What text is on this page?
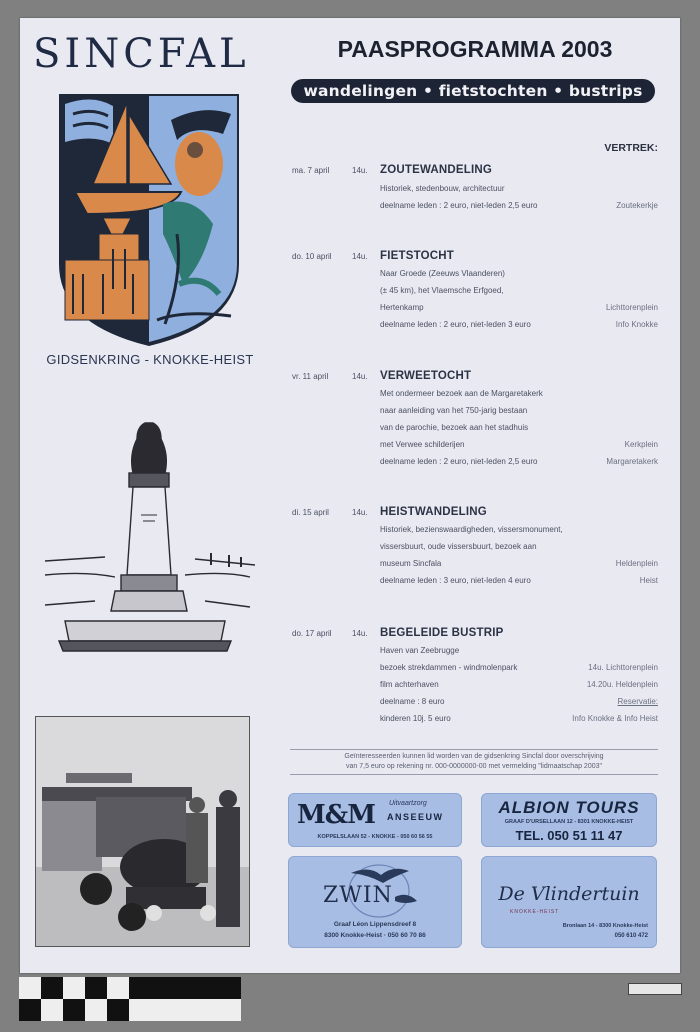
SINCFAL
GIDSENKRING - KNOKKE-HEIST
PAASPROGRAMMA 2003
wandelingen • fietstochten • bustrips
VERTREK:
ma. 7 april	14u. ZOUTEWANDELING
Historiek, stedenbouw, architectuur
deelname leden : 2 euro, niet-leden 2,5 euro	Zoutekerkje
do. 10 april	14u. FIETSTOCHT
Naar Groede (Zeeuws Vlaanderen)
(± 45 km), het Vlaemsche Erfgoed,
Hertenkamp	Lichttorenplein
deelname leden : 2 euro, niet-leden 3 euro	Info Knokke
vr. 11 april	14u. VERWEETOCHT
Met ondermeer bezoek aan de Margaretakerk
naar aanleiding van het 750-jarig bestaan
van de parochie, bezoek aan het stadhuis
met Verwee schilderijen	Kerkplein
deelname leden : 2 euro, niet-leden 2,5 euro	Margaretakerk
di. 15 april	14u. HEISTWANDELING
Historiek, bezienswaardigheden, vissersmonument,
vissersbuurt, oude vissersbuurt, bezoek aan
museum Sincfala	Heldenplein
deelname leden : 3 euro, niet-leden 4 euro	Heist
do. 17 april	14u. BEGELEIDE BUSTRIP
Haven van Zeebrugge
bezoek strekdammen - windmolenpark	14u. Lichttorenplein
film achterhaven	14.20u. Heldenplein
deelname : 8 euro	Reservatie:
kinderen 10j. 5 euro	Info Knokke & Info Heist
Geïnteresseerden kunnen lid worden van de gidsenkring Sincfal door overschrijving
van 7,5 euro op rekening nr. 000-0000000-00 met vermelding "lidmaatschap 2003"
M&M Uitvaartzorg
ANSEEUW
KOPPELSLAAN 52 - KNOKKE - 050 60 56 55
ALBION TOURS
GRAAF D'URSELLAAN 12 - 8301 KNOKKE-HEIST
TEL. 050 51 11 47
ZWIN
Graaf Léon Lippensdreef 8
8300 Knokke-Heist · 050 60 70 86
De Vlindertuin
KNOKKE-HEIST
Bronlaan 14 - 8300 Knokke-Heist
050 610 472
